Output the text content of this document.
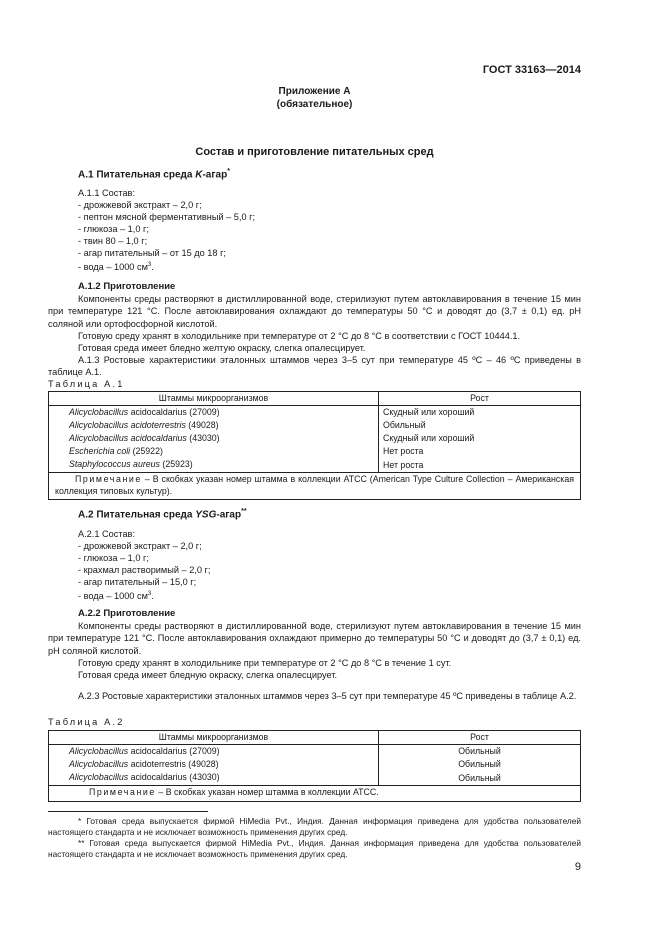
ГОСТ 33163—2014
Приложение А
(обязательное)
Состав и приготовление питательных сред
А.1 Питательная среда K-агар*
А.1.1 Состав:
- дрожжевой экстракт – 2,0 г;
- пептон мясной ферментативный – 5,0 г;
- глюкоза – 1,0 г;
- твин 80 – 1,0 г;
- агар питательный – от 15 до 18 г;
- вода – 1000 $см^3$.
А.1.2 Приготовление
Компоненты среды растворяют в дистиллированной воде, стерилизуют путем автоклавирования в течение 15 мин при температуре 121 °С. После автоклавирования охлаждают до температуры 50 °С и доводят до (3,7 ± 0,1) ед. pH соляной или ортофосфорной кислотой.
Готовую среду хранят в холодильнике при температуре от 2 °С до 8 °С в соответствии с ГОСТ 10444.1.
Готовая среда имеет бледно желтую окраску, слегка опалесцирует.
А.1.3 Ростовые характеристики эталонных штаммов через 3–5 сут при температуре 45 ºС – 46 ºС приведены в таблице А.1.
Таблица А.1
Штаммы микроорганизмов	Рост
Alicyclobacillus acidocaldarius (27009)	Скудный или хороший
Alicyclobacillus acidoterrestris (49028)	Обильный
Alicyclobacillus acidocaldarius (43030)	Скудный или хороший
Escherichia coli (25922)	Нет роста
Staphylococcus aureus (25923)	Нет роста
Примечание – В скобках указан номер штамма в коллекции АТСС (American Type Culture Collection – Американская коллекция типовых культур).	
А.2 Питательная среда YSG-агар**
А.2.1 Состав:
- дрожжевой экстракт – 2,0 г;
- глюкоза – 1,0 г;
- крахмал растворимый – 2,0 г;
- агар питательный – 15,0 г;
- вода – 1000 $см^3$.
А.2.2 Приготовление
Компоненты среды растворяют в дистиллированной воде, стерилизуют путем автоклавирования в течение 15 мин при температуре 121 °С. После автоклавирования охлаждают примерно до температуры 50 °С и доводят до (3,7 ± 0,1) ед. pH соляной кислотой.
Готовую среду хранят в холодильнике при температуре от 2 °С до 8 °С в течение 1 сут.
Готовая среда имеет бледную окраску, слегка опалесцирует.
А.2.3 Ростовые характеристики эталонных штаммов через 3–5 сут при температуре 45 ºС приведены в таблице А.2.
Таблица А.2
Штаммы микроорганизмов	Рост
Alicyclobacillus acidocaldarius (27009)	Обильный
Alicyclobacillus acidoterrestris (49028)	Обильный
Alicyclobacillus acidocaldarius (43030)	Обильный
Примечание – В скобках указан номер штамма в коллекции АТСС.	
* Готовая среда выпускается фирмой HiMedia Pvt., Индия. Данная информация приведена для удобства пользователей настоящего стандарта и не исключает возможность применения других сред.
** Готовая среда выпускается фирмой HiMedia Pvt., Индия. Данная информация приведена для удобства пользователей настоящего стандарта и не исключает возможность применения других сред.
9
